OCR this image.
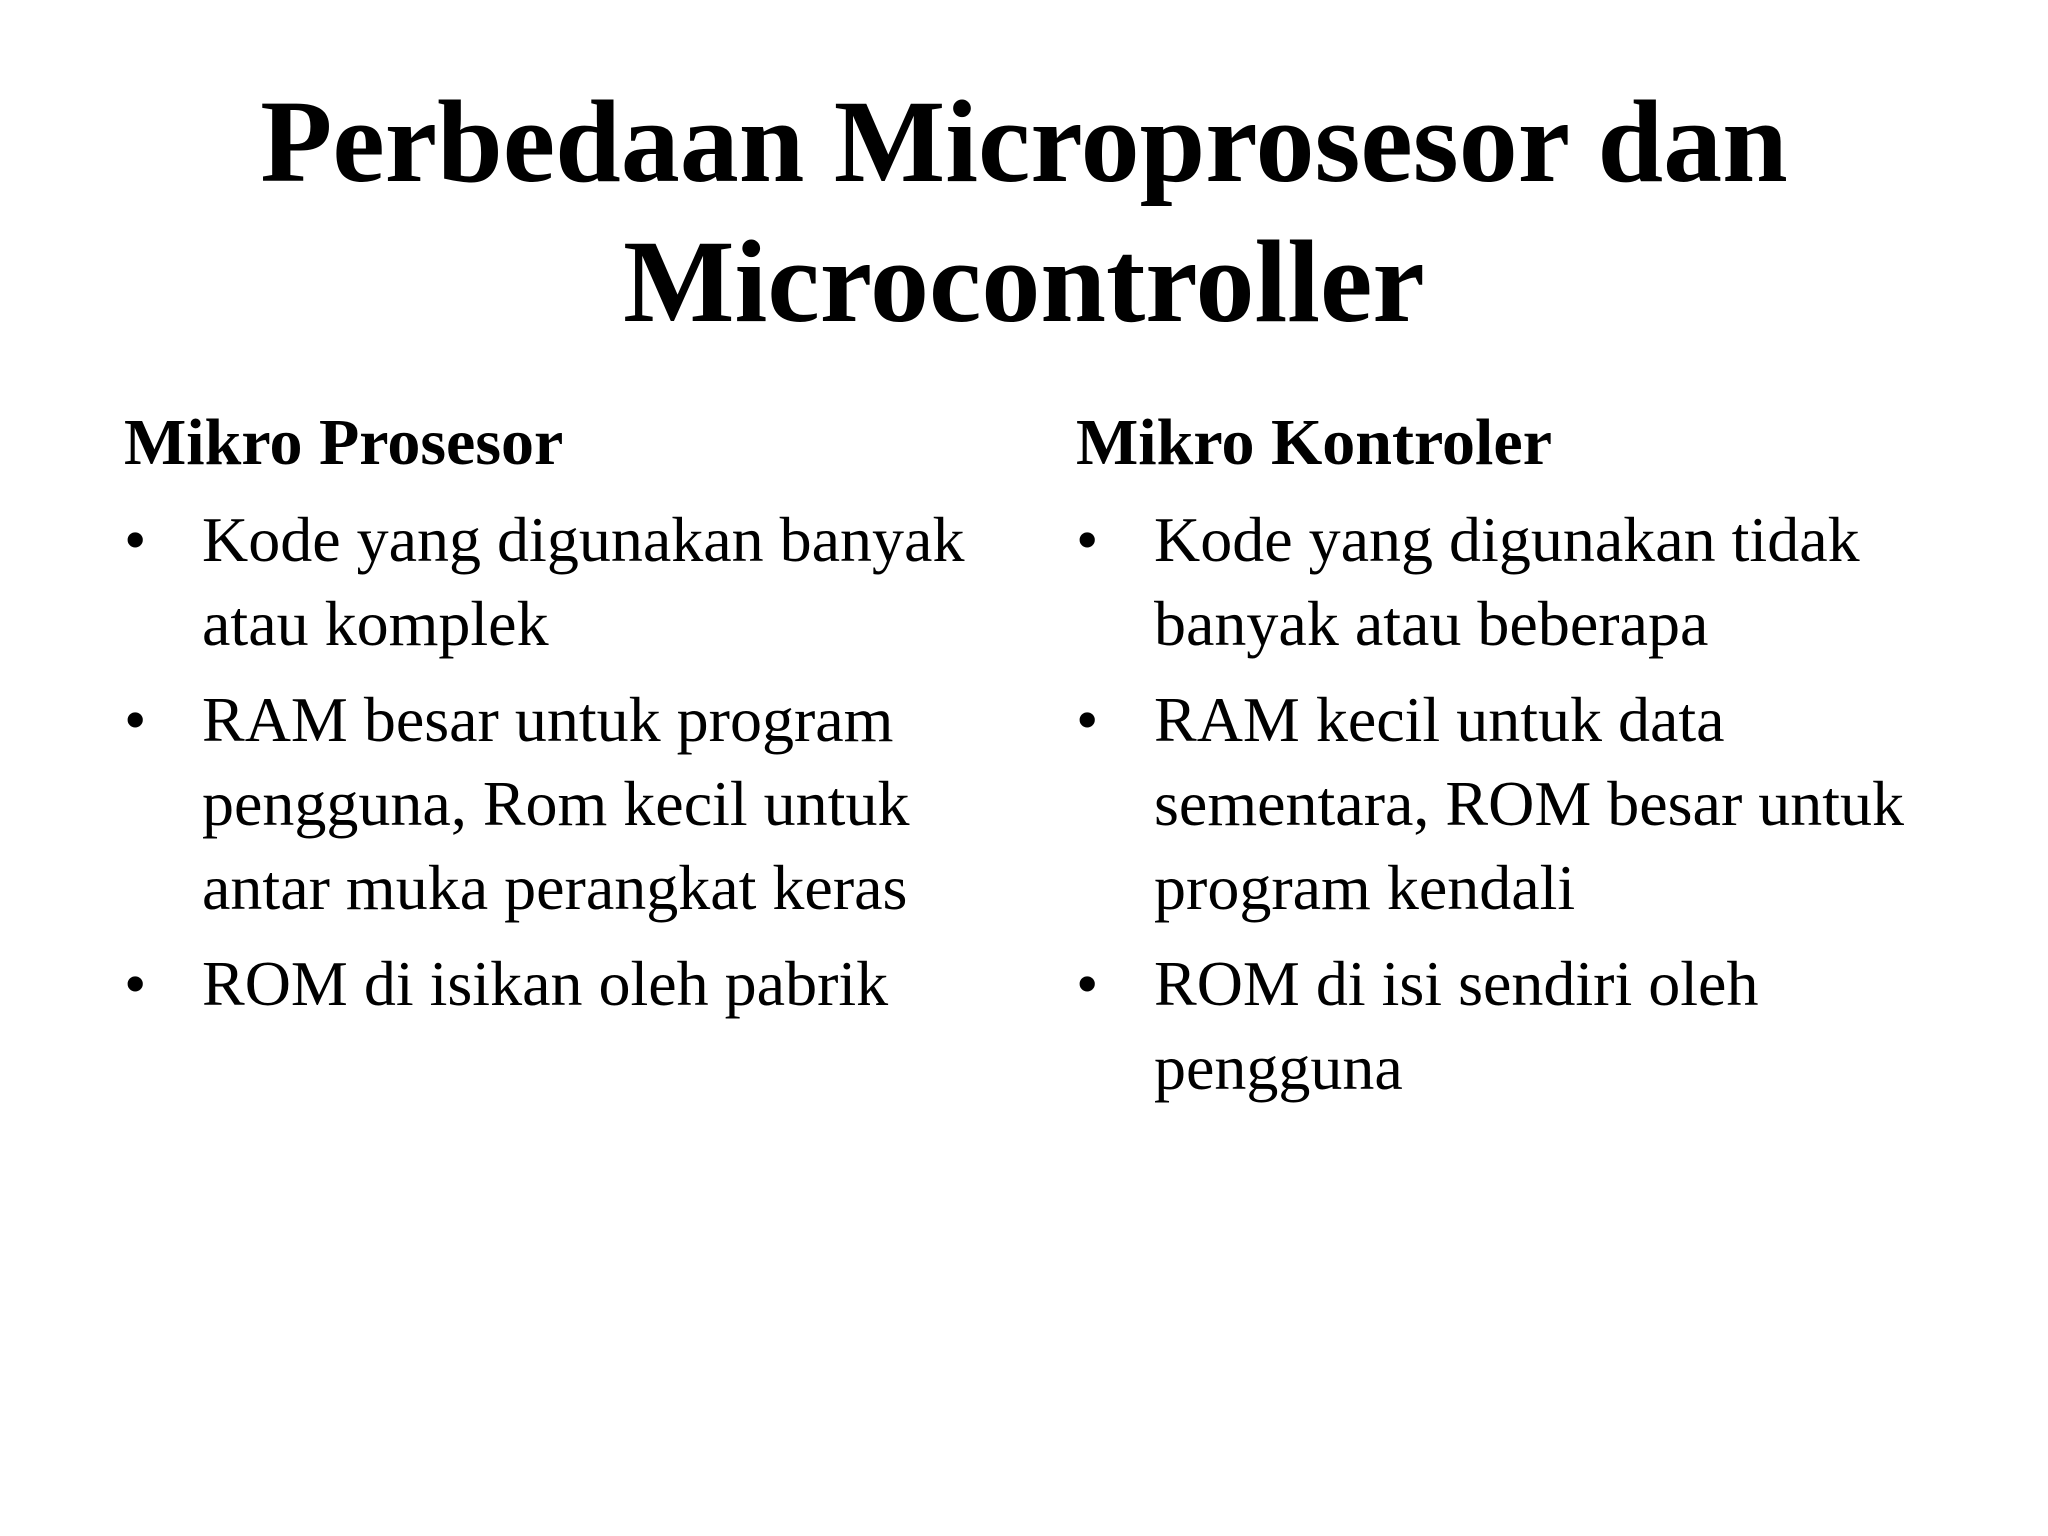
Perbedaan Microprosesor dan
Microcontroller

Mikro Prosesor

• Kode yang digunakan banyak atau komplek
• RAM besar untuk program pengguna, Rom kecil untuk antar muka perangkat keras
• ROM di isikan oleh pabrik

Mikro Kontroler

• Kode yang digunakan tidak banyak atau beberapa
• RAM kecil untuk data sementara, ROM besar untuk program kendali
• ROM di isi sendiri oleh pengguna
